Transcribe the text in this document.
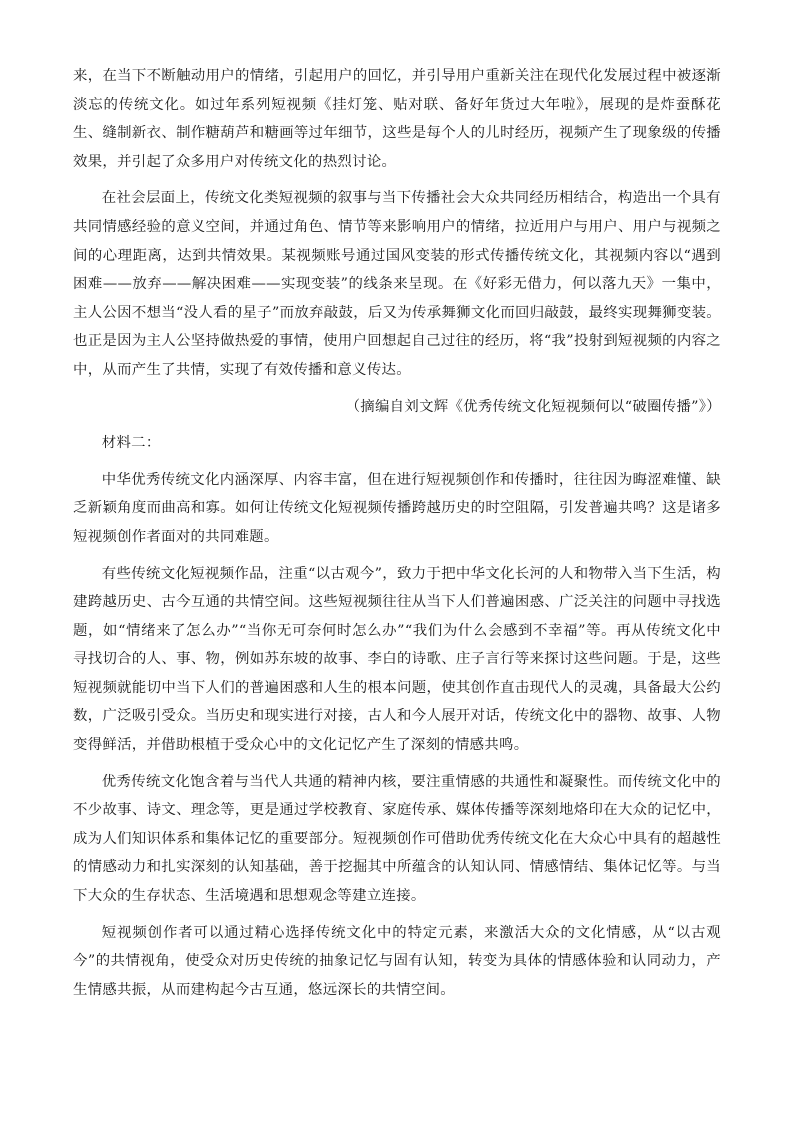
来，在当下不断触动用户的情绪，引起用户的回忆，并引导用户重新关注在现代化发展过程中被逐渐淡忘的传统文化。如过年系列短视频《挂灯笼、贴对联、备好年货过大年啦》，展现的是炸蚕酥花生、缝制新衣、制作糖葫芦和糖画等过年细节，这些是每个人的儿时经历，视频产生了现象级的传播效果，并引起了众多用户对传统文化的热烈讨论。

在社会层面上，传统文化类短视频的叙事与当下传播社会大众共同经历相结合，构造出一个具有共同情感经验的意义空间，并通过角色、情节等来影响用户的情绪，拉近用户与用户、用户与视频之间的心理距离，达到共情效果。某视频账号通过国风变装的形式传播传统文化，其视频内容以“遇到困难——放弃——解决困难——实现变装”的线条来呈现。在《好彩无借力，何以落九天》一集中，主人公因不想当“没人看的星子”而放弃敲鼓，后又为传承舞狮文化而回归敲鼓，最终实现舞狮变装。也正是因为主人公坚持做热爱的事情，使用户回想起自己过往的经历，将“我”投射到短视频的内容之中，从而产生了共情，实现了有效传播和意义传达。

（摘编自刘文辉《优秀传统文化短视频何以“破圈传播”》）

材料二：

中华优秀传统文化内涵深厚、内容丰富，但在进行短视频创作和传播时，往往因为晦涩难懂、缺乏新颖角度而曲高和寡。如何让传统文化短视频传播跨越历史的时空阻隔，引发普遍共鸣？这是诸多短视频创作者面对的共同难题。

有些传统文化短视频作品，注重“以古观今”，致力于把中华文化长河的人和物带入当下生活，构建跨越历史、古今互通的共情空间。这些短视频往往从当下人们普遍困惑、广泛关注的问题中寻找选题，如“情绪来了怎么办”“当你无可奈何时怎么办”“我们为什么会感到不幸福”等。再从传统文化中寻找切合的人、事、物，例如苏东坡的故事、李白的诗歌、庄子言行等来探讨这些问题。于是，这些短视频就能切中当下人们的普遍困惑和人生的根本问题，使其创作直击现代人的灵魂，具备最大公约数，广泛吸引受众。当历史和现实进行对接，古人和今人展开对话，传统文化中的器物、故事、人物变得鲜活，并借助根植于受众心中的文化记忆产生了深刻的情感共鸣。

优秀传统文化饱含着与当代人共通的精神内核，要注重情感的共通性和凝聚性。而传统文化中的不少故事、诗文、理念等，更是通过学校教育、家庭传承、媒体传播等深刻地烙印在大众的记忆中，成为人们知识体系和集体记忆的重要部分。短视频创作可借助优秀传统文化在大众心中具有的超越性的情感动力和扎实深刻的认知基础，善于挖掘其中所蕴含的认知认同、情感情结、集体记忆等。与当下大众的生存状态、生活境遇和思想观念等建立连接。

短视频创作者可以通过精心选择传统文化中的特定元素，来激活大众的文化情感，从“以古观今”的共情视角，使受众对历史传统的抽象记忆与固有认知，转变为具体的情感体验和认同动力，产生情感共振，从而建构起今古互通，悠远深长的共情空间。
